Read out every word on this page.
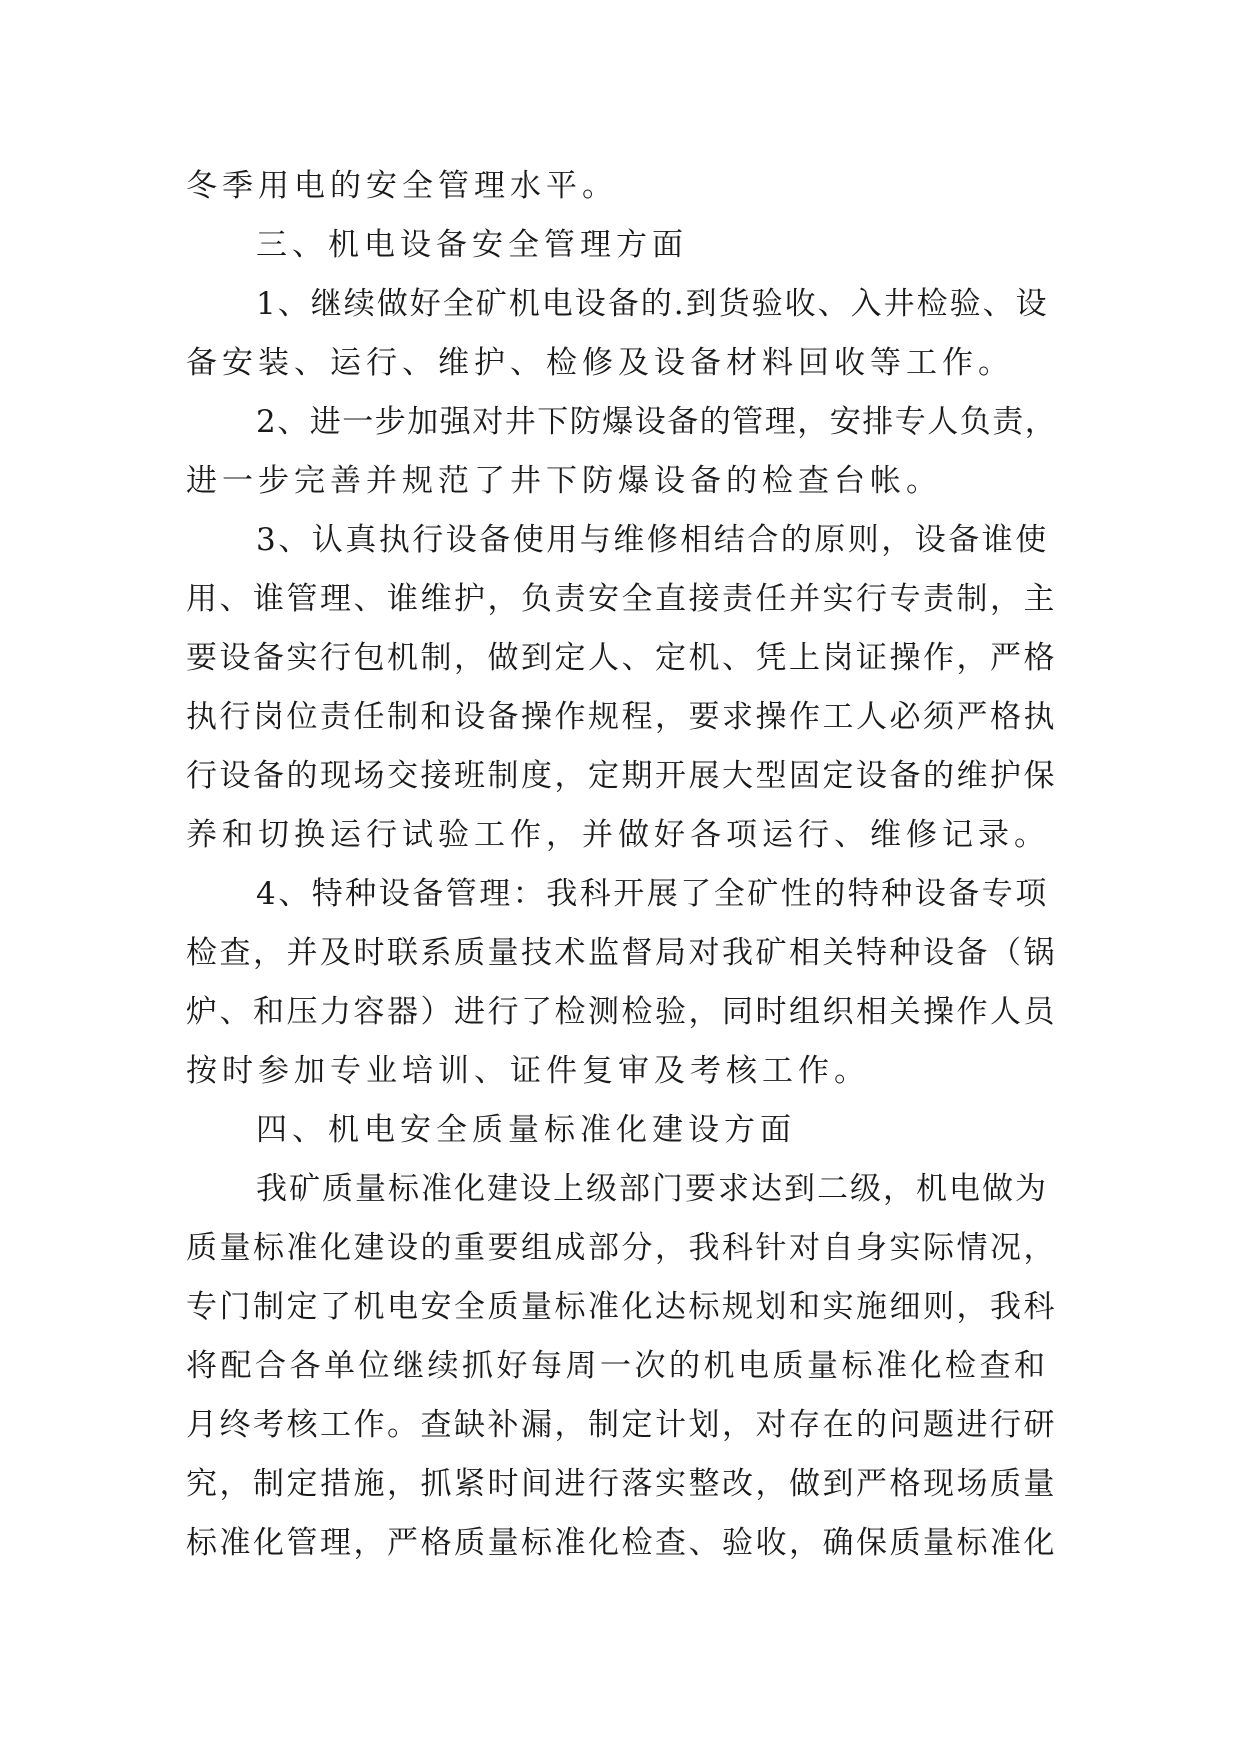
冬季用电的安全管理水平。
三、机电设备安全管理方面
1、继续做好全矿机电设备的.到货验收、入井检验、设
备安装、运行、维护、检修及设备材料回收等工作。
2、进一步加强对井下防爆设备的管理，安排专人负责，
进一步完善并规范了井下防爆设备的检查台帐。
3、认真执行设备使用与维修相结合的原则，设备谁使
用、谁管理、谁维护，负责安全直接责任并实行专责制，主
要设备实行包机制，做到定人、定机、凭上岗证操作，严格
执行岗位责任制和设备操作规程，要求操作工人必须严格执
行设备的现场交接班制度，定期开展大型固定设备的维护保
养和切换运行试验工作，并做好各项运行、维修记录。
4、特种设备管理：我科开展了全矿性的特种设备专项
检查，并及时联系质量技术监督局对我矿相关特种设备（锅
炉、和压力容器）进行了检测检验，同时组织相关操作人员
按时参加专业培训、证件复审及考核工作。
四、机电安全质量标准化建设方面
我矿质量标准化建设上级部门要求达到二级，机电做为
质量标准化建设的重要组成部分，我科针对自身实际情况，
专门制定了机电安全质量标准化达标规划和实施细则，我科
将配合各单位继续抓好每周一次的机电质量标准化检查和
月终考核工作。查缺补漏，制定计划，对存在的问题进行研
究，制定措施，抓紧时间进行落实整改，做到严格现场质量
标准化管理，严格质量标准化检查、验收，确保质量标准化
